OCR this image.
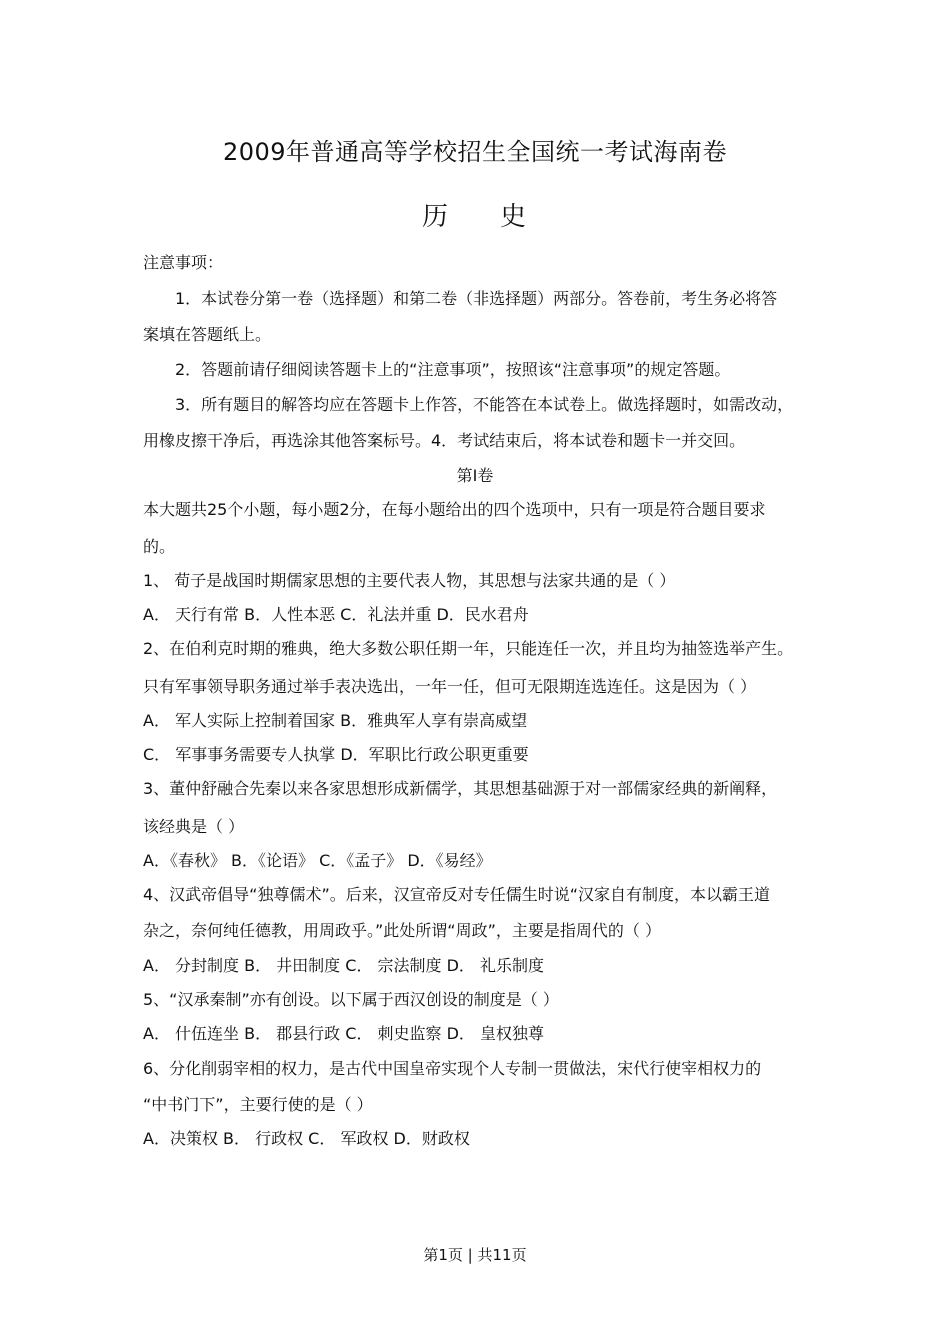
2009年普通高等学校招生全国统一考试海南卷
历 史
注意事项：
1．本试卷分第一卷（选择题）和第二卷（非选择题）两部分。答卷前，考生务必将答
案填在答题纸上。
2．答题前请仔细阅读答题卡上的“注意事项”，按照该“注意事项”的规定答题。
3．所有题目的解答均应在答题卡上作答，不能答在本试卷上。做选择题时，如需改动，
用橡皮擦干净后，再选涂其他答案标号。4．考试结束后，将本试卷和题卡一并交回。
第Ⅰ卷
本大题共25个小题，每小题2分，在每小题给出的四个选项中，只有一项是符合题目要求
的。
1、 荀子是战国时期儒家思想的主要代表人物，其思想与法家共通的是（ ）
A． 天行有常 B．人性本恶 C．礼法并重 D．民水君舟
2、在伯利克时期的雅典，绝大多数公职任期一年，只能连任一次，并且均为抽签选举产生。
只有军事领导职务通过举手表决选出，一年一任，但可无限期连选连任。这是因为（ ）
A． 军人实际上控制着国家 B．雅典军人享有崇高威望
C． 军事事务需要专人执掌 D．军职比行政公职更重要
3、董仲舒融合先秦以来各家思想形成新儒学，其思想基础源于对一部儒家经典的新阐释，
该经典是（ ）
A．《春秋》 B．《论语》 C．《孟子》 D．《易经》
4、汉武帝倡导“独尊儒术”。后来，汉宣帝反对专任儒生时说“汉家自有制度，本以霸王道
杂之，奈何纯任德教，用周政乎。”此处所谓“周政”，主要是指周代的（ ）
A． 分封制度 B． 井田制度 C． 宗法制度 D． 礼乐制度
5、“汉承秦制”亦有创设。以下属于西汉创设的制度是（ ）
A． 什伍连坐 B． 郡县行政 C． 刺史监察 D． 皇权独尊
6、分化削弱宰相的权力，是古代中国皇帝实现个人专制一贯做法，宋代行使宰相权力的
“中书门下”，主要行使的是（ ）
A．决策权 B． 行政权 C． 军政权 D．财政权
第1页 | 共11页
